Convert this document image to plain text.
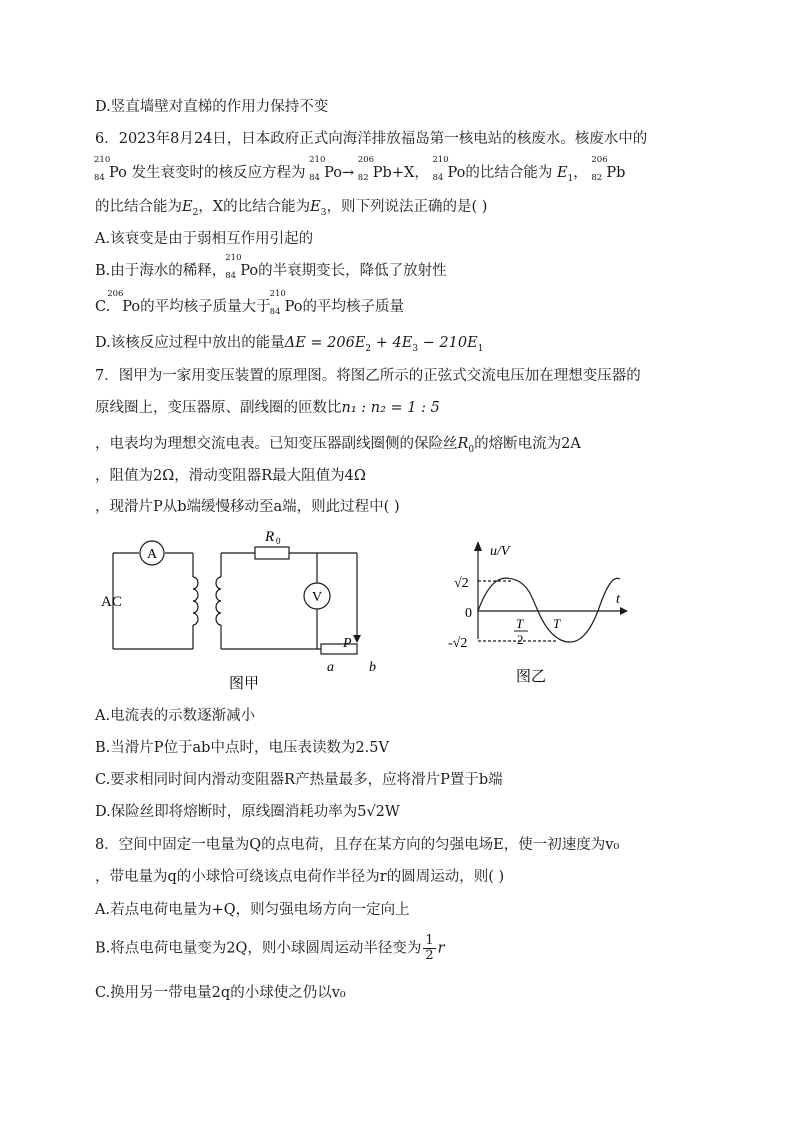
D.竖直墙壁对直梯的作用力保持不变
6．2023年8月24日，日本政府正式向海洋排放福岛第一核电站的核废水。核废水中的
210
84 Po 发生衰变时的核反应方程为
210
84 Po→
206
82 Pb+X，
210
84 Po的比结合能为 $E_1$，
206
82 Pb
的比结合能为$E_2$，X的比结合能为$E_3$，则下列说法正确的是( )
A.该衰变是由于弱相互作用引起的
B.由于海水的稀释，
210
84 Po的半衰期变长，降低了放射性
C.
206
Po的平均核子质量大于
210
84 Po的平均核子质量
D.该核反应过程中放出的能量$\Delta E = 206E_2 + 4E_3 - 210E_1$
7．图甲为一家用变压装置的原理图。将图乙所示的正弦式交流电压加在理想变压器的
原线圈上，变压器原、副线圈的匝数比n₁ : n₂ = 1 : 5
，电表均为理想交流电表。已知变压器副线圈侧的保险丝$R_0$的熔断电流为2A
，阻值为2Ω，滑动变阻器R最大阻值为4Ω
，现滑片P从b端缓慢移动至a端，则此过程中( )
A
V
AC
R 0
P
a	b
图甲
u/V
t
0
√2
-√2
T
2
T
图乙
A.电流表的示数逐渐减小
B.当滑片P位于ab中点时，电压表读数为2.5V
C.要求相同时间内滑动变阻器R产热量最多，应将滑片P置于b端
D.保险丝即将熔断时，原线圈消耗功率为5√2W
8．空间中固定一电量为Q的点电荷，且存在某方向的匀强电场E，使一初速度为v₀
，带电量为q的小球恰可绕该点电荷作半径为r的圆周运动，则( )
A.若点电荷电量为+Q，则匀强电场方向一定向上
B.将点电荷电量变为2Q，则小球圆周运动半径变为 $\frac{1}{2}$ r
C.换用另一带电量2q的小球使之仍以v₀
